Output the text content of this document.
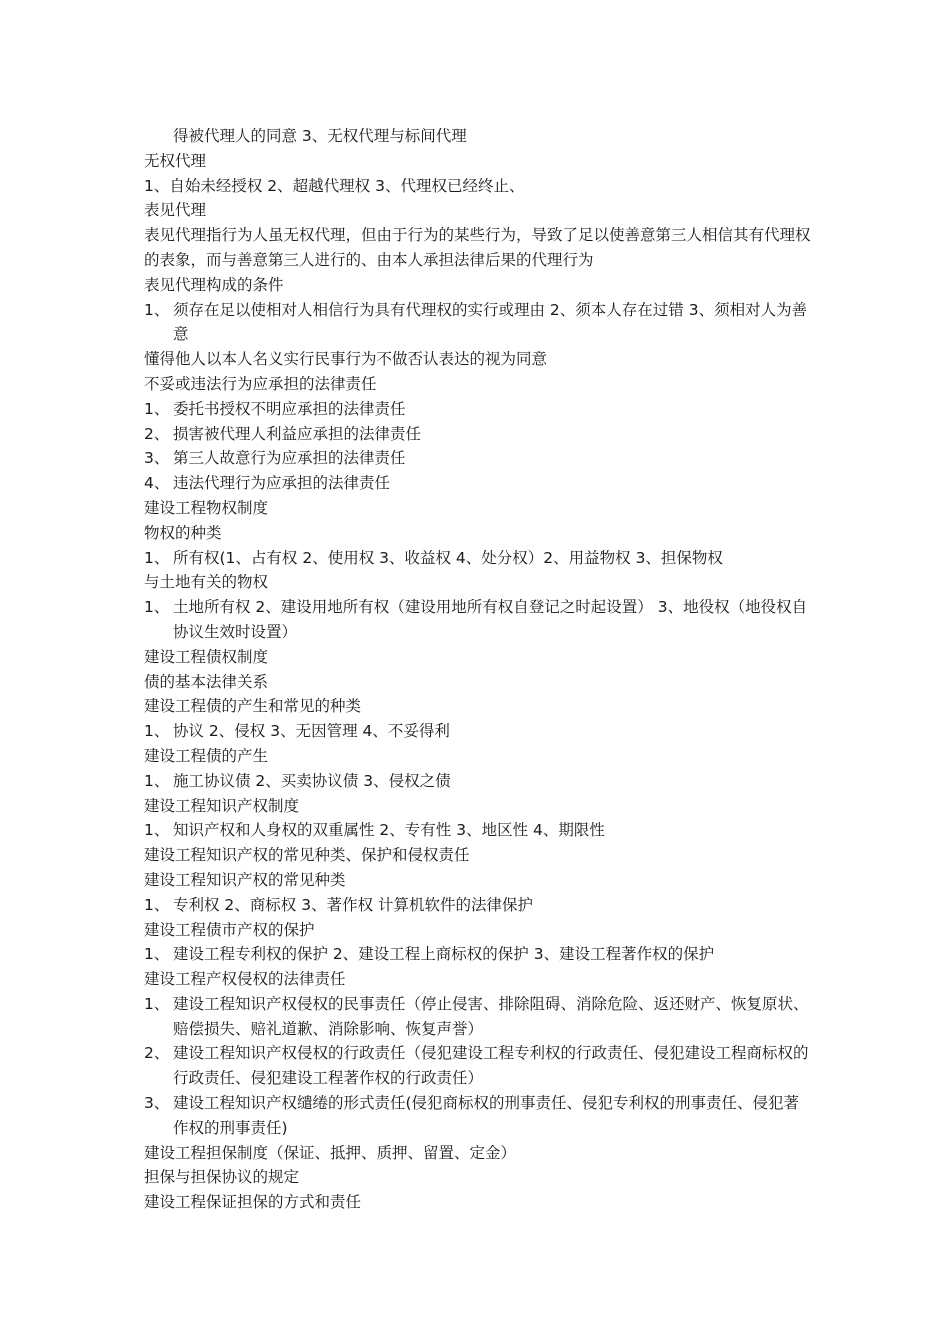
得被代理人的同意 3、无权代理与标间代理

无权代理

1、自始未经授权 2、超越代理权 3、代理权已经终止、

表见代理

表见代理指行为人虽无权代理，但由于行为的某些行为，导致了足以使善意第三人相信其有代理权的表象，而与善意第三人进行的、由本人承担法律后果的代理行为

表见代理构成的条件

1、 须存在足以使相对人相信行为具有代理权的实行或理由 2、须本人存在过错 3、须相对人为善意

懂得他人以本人名义实行民事行为不做否认表达的视为同意

不妥或违法行为应承担的法律责任

1、 委托书授权不明应承担的法律责任
2、 损害被代理人利益应承担的法律责任
3、 第三人故意行为应承担的法律责任
4、 违法代理行为应承担的法律责任

建设工程物权制度

物权的种类

1、 所有权(1、占有权 2、使用权 3、收益权 4、处分权）2、用益物权 3、担保物权

与土地有关的物权

1、 土地所有权 2、建设用地所有权（建设用地所有权自登记之时起设置） 3、地役权（地役权自协议生效时设置）

建设工程债权制度

债的基本法律关系

建设工程债的产生和常见的种类

1、 协议 2、侵权 3、无因管理 4、不妥得利

建设工程债的产生

1、 施工协议债 2、买卖协议债 3、侵权之债

建设工程知识产权制度

1、 知识产权和人身权的双重属性 2、专有性 3、地区性 4、期限性

建设工程知识产权的常见种类、保护和侵权责任

建设工程知识产权的常见种类

1、 专利权 2、商标权 3、著作权 计算机软件的法律保护

建设工程债市产权的保护

1、 建设工程专利权的保护 2、建设工程上商标权的保护 3、建设工程著作权的保护

建设工程产权侵权的法律责任

1、 建设工程知识产权侵权的民事责任（停止侵害、排除阻碍、消除危险、返还财产、恢复原状、赔偿损失、赔礼道歉、消除影响、恢复声誉）
2、 建设工程知识产权侵权的行政责任（侵犯建设工程专利权的行政责任、侵犯建设工程商标权的行政责任、侵犯建设工程著作权的行政责任）
3、 建设工程知识产权缱绻的形式责任(侵犯商标权的刑事责任、侵犯专利权的刑事责任、侵犯著作权的刑事责任)

建设工程担保制度（保证、抵押、质押、留置、定金）

担保与担保协议的规定

建设工程保证担保的方式和责任
